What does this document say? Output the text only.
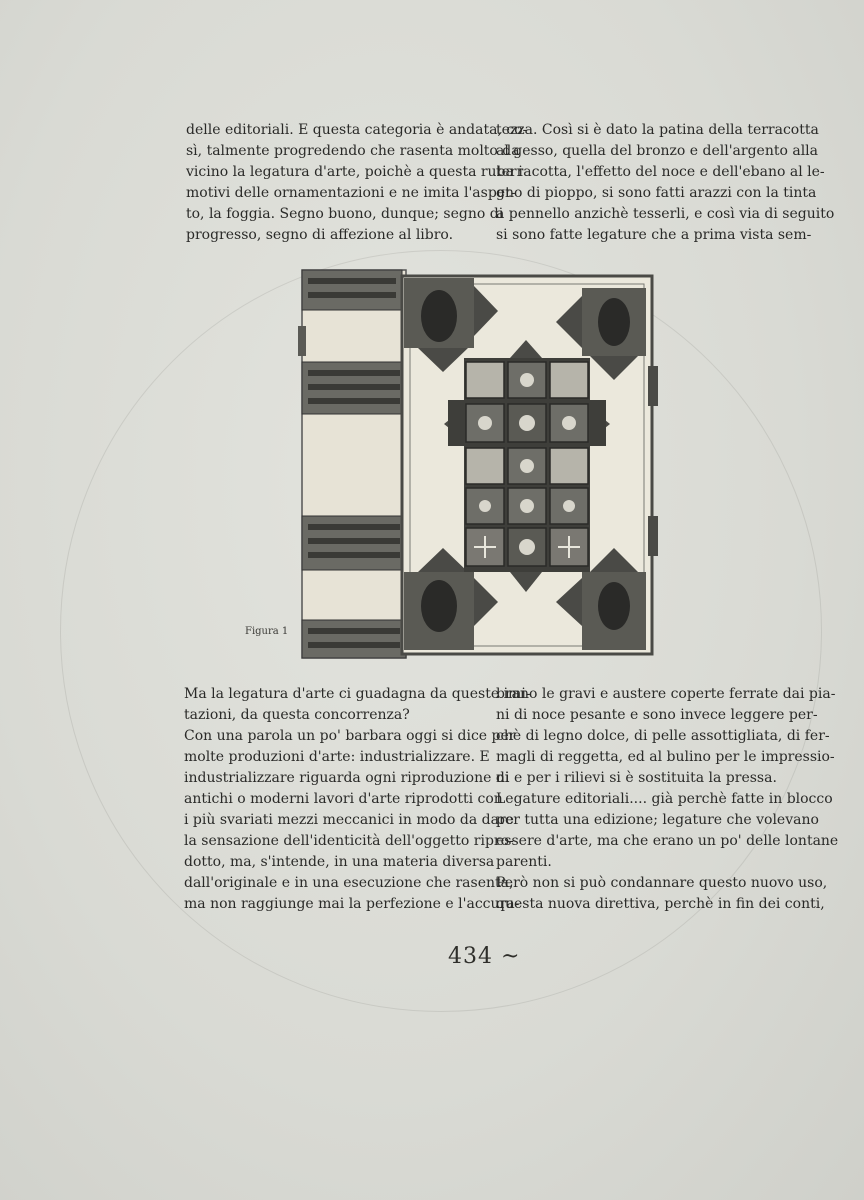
delle editoriali. E questa categoria è andata, co-
sì, talmente progredendo che rasenta molto da
vicino la legatura d'arte, poichè a questa ruba i
motivi delle ornamentazioni e ne imita l'aspet-
to, la foggia. Segno buono, dunque; segno di
progresso, segno di affezione al libro.
tezza. Così si è dato la patina della terracotta
al gesso, quella del bronzo e dell'argento alla
terracotta, l'effetto del noce e dell'ebano al le-
gno di pioppo, si sono fatti arazzi con la tinta
a pennello anzichè tesserli, e così via di seguito
si sono fatte legature che a prima vista sem-
Figura 1
Ma la legatura d'arte ci guadagna da queste imi-
tazioni, da questa concorrenza?
Con una parola un po' barbara oggi si dice per
molte produzioni d'arte: industrializzare. E
industrializzare riguarda ogni riproduzione di
antichi o moderni lavori d'arte riprodotti con
i più svariati mezzi meccanici in modo da dare
la sensazione dell'identicità dell'oggetto ripro-
dotto, ma, s'intende, in una materia diversa
dall'originale e in una esecuzione che rasenta,
ma non raggiunge mai la perfezione e l'accura-
brano le gravi e austere coperte ferrate dai pia-
ni di noce pesante e sono invece leggere per-
chè di legno dolce, di pelle assottigliata, di fer-
magli di reggetta, ed al bulino per le impressio-
ni e per i rilievi si è sostituita la pressa.
Legature editoriali.... già perchè fatte in blocco
per tutta una edizione; legature che volevano
essere d'arte, ma che erano un po' delle lontane
parenti.
Però non si può condannare questo nuovo uso,
questa nuova direttiva, perchè in fin dei conti,
434 ~
